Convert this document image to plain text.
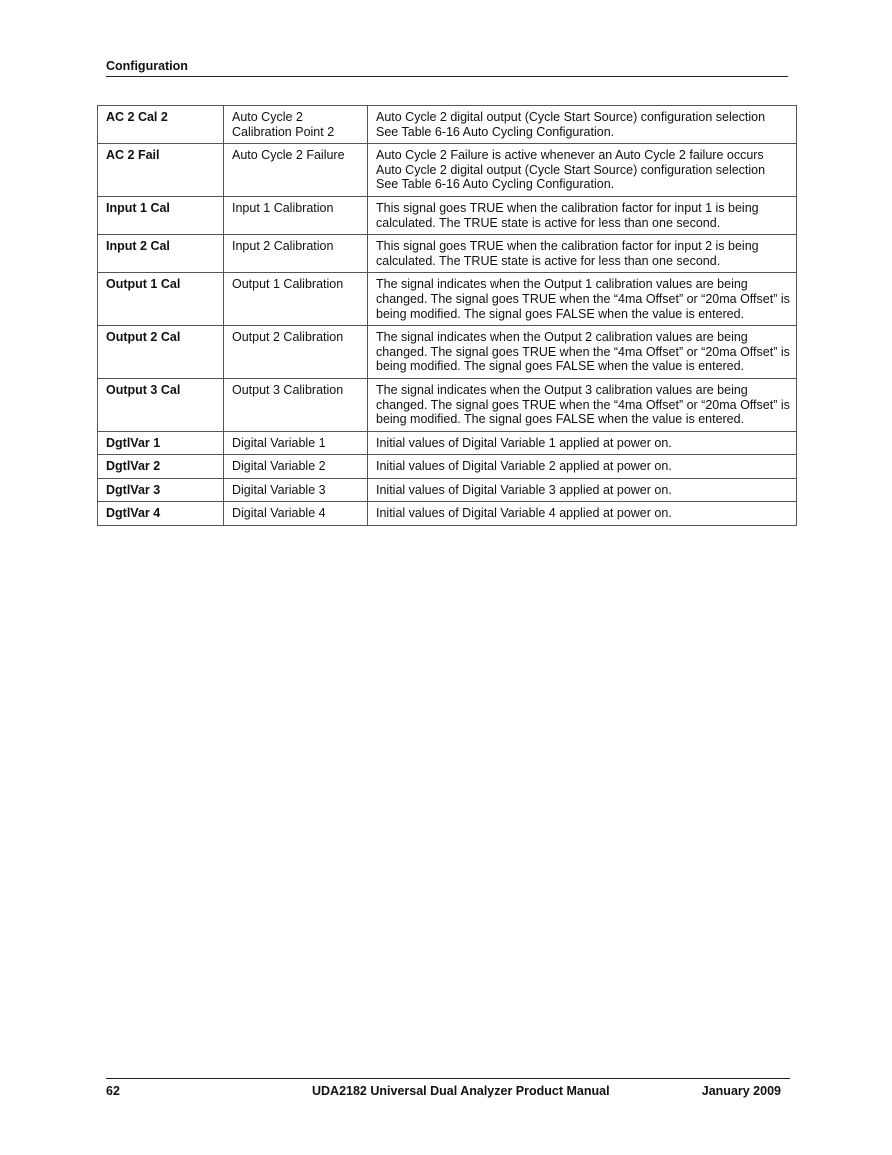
Configuration
AC 2 Cal 2	Auto Cycle 2 Calibration Point 2	Auto Cycle 2 digital output (Cycle Start Source) configuration selection
See Table 6-16 Auto Cycling Configuration.

AC 2 Fail	Auto Cycle 2 Failure	Auto Cycle 2 Failure is active whenever an Auto Cycle 2 failure occurs
Auto Cycle 2 digital output (Cycle Start Source) configuration selection
See Table 6-16 Auto Cycling Configuration.

Input 1 Cal	Input 1 Calibration	This signal goes TRUE when the calibration factor for input 1 is being calculated. The TRUE state is active for less than one second.

Input 2 Cal	Input 2 Calibration	This signal goes TRUE when the calibration factor for input 2 is being calculated. The TRUE state is active for less than one second.

Output 1 Cal	Output 1 Calibration	The signal indicates when the Output 1 calibration values are being changed. The signal goes TRUE when the “4ma Offset” or “20ma Offset” is being modified. The signal goes FALSE when the value is entered.

Output 2 Cal	Output 2 Calibration	The signal indicates when the Output 2 calibration values are being changed. The signal goes TRUE when the “4ma Offset” or “20ma Offset” is being modified. The signal goes FALSE when the value is entered.

Output 3 Cal	Output 3 Calibration	The signal indicates when the Output 3 calibration values are being changed. The signal goes TRUE when the “4ma Offset” or “20ma Offset” is being modified. The signal goes FALSE when the value is entered.

DgtlVar 1	Digital Variable 1	Initial values of Digital Variable 1 applied at power on.

DgtlVar 2	Digital Variable 2	Initial values of Digital Variable 2 applied at power on.

DgtlVar 3	Digital Variable 3	Initial values of Digital Variable 3 applied at power on.

DgtlVar 4	Digital Variable 4	Initial values of Digital Variable 4 applied at power on.
62	UDA2182 Universal Dual Analyzer Product Manual	January 2009
